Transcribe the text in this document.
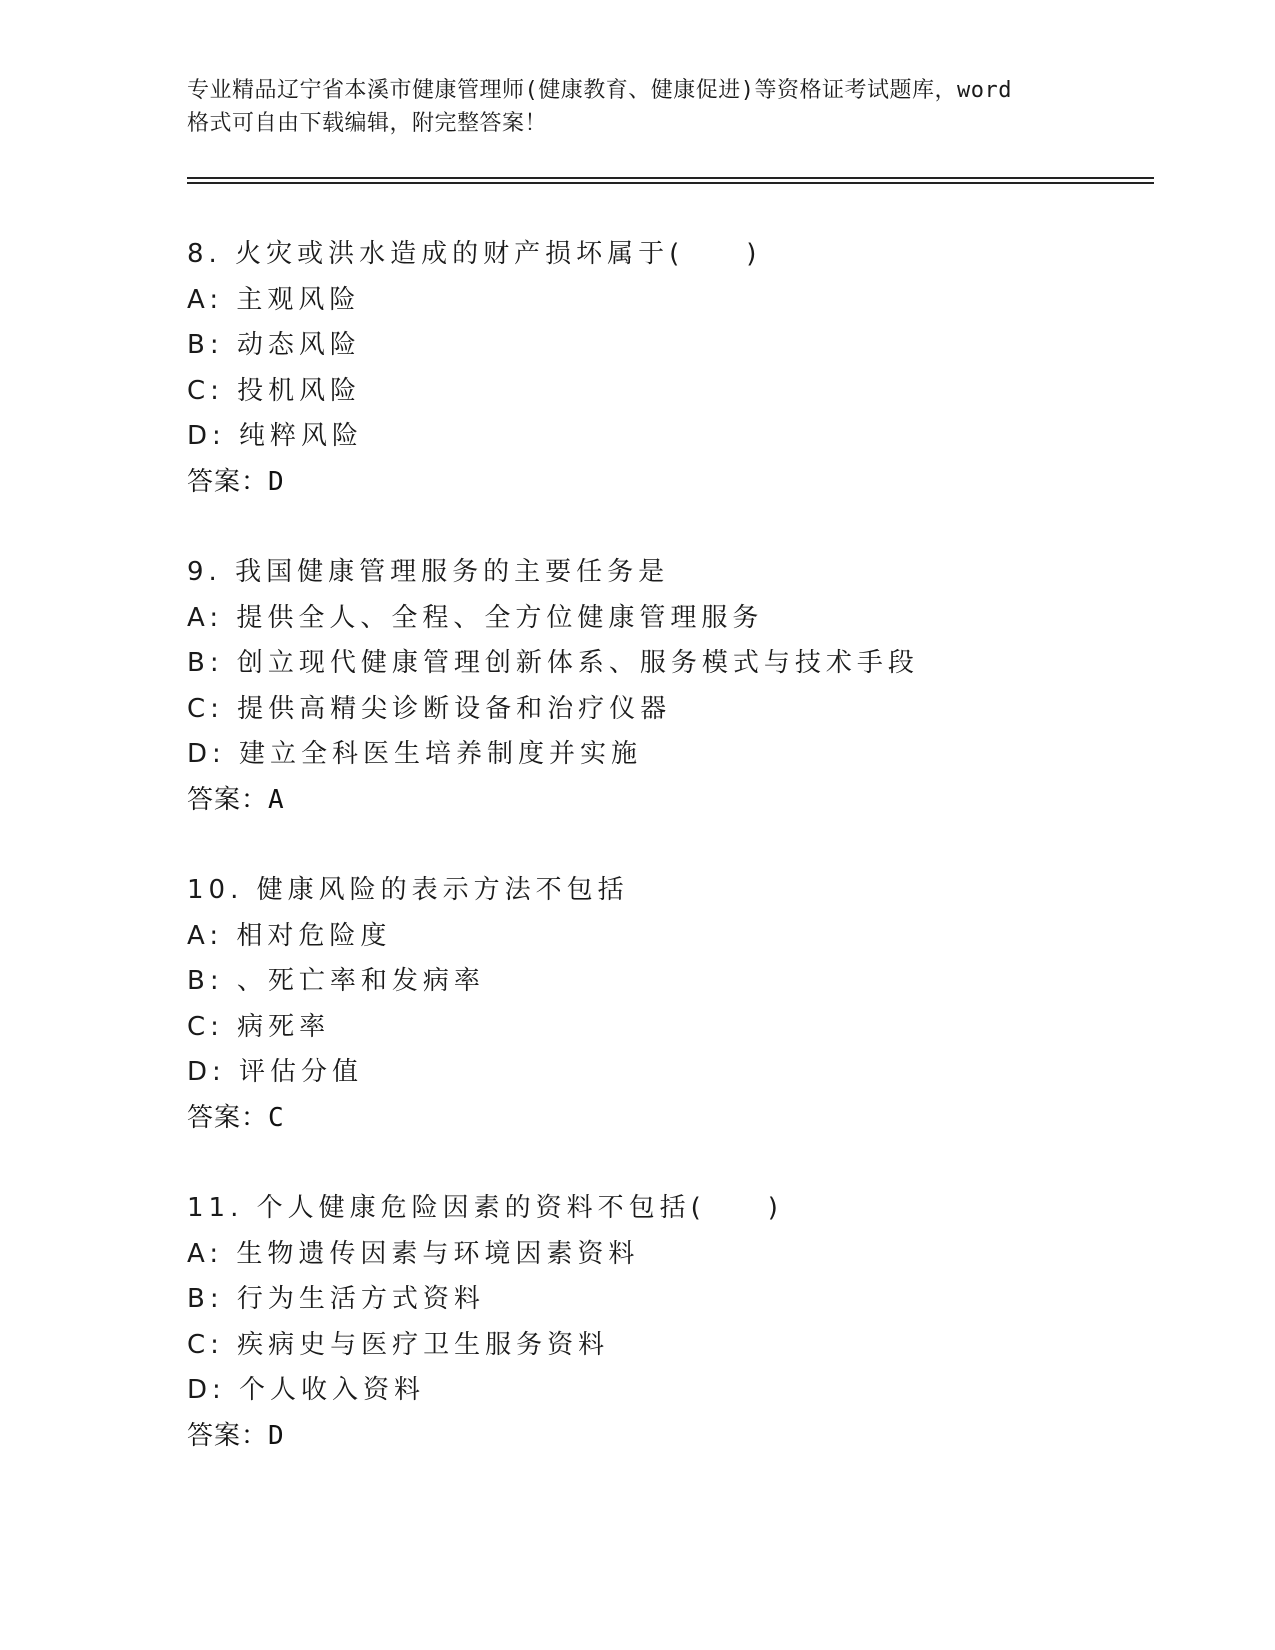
专业精品辽宁省本溪市健康管理师(健康教育、健康促进)等资格证考试题库，word
格式可自由下载编辑，附完整答案！
8. 火灾或洪水造成的财产损坏属于(　　)
A: 主观风险
B: 动态风险
C: 投机风险
D: 纯粹风险
答案：D
9. 我国健康管理服务的主要任务是
A: 提供全人、全程、全方位健康管理服务
B: 创立现代健康管理创新体系、服务模式与技术手段
C: 提供高精尖诊断设备和治疗仪器
D: 建立全科医生培养制度并实施
答案：A
10. 健康风险的表示方法不包括
A: 相对危险度
B: 、死亡率和发病率
C: 病死率
D: 评估分值
答案：C
11. 个人健康危险因素的资料不包括(　　)
A: 生物遗传因素与环境因素资料
B: 行为生活方式资料
C: 疾病史与医疗卫生服务资料
D: 个人收入资料
答案：D
